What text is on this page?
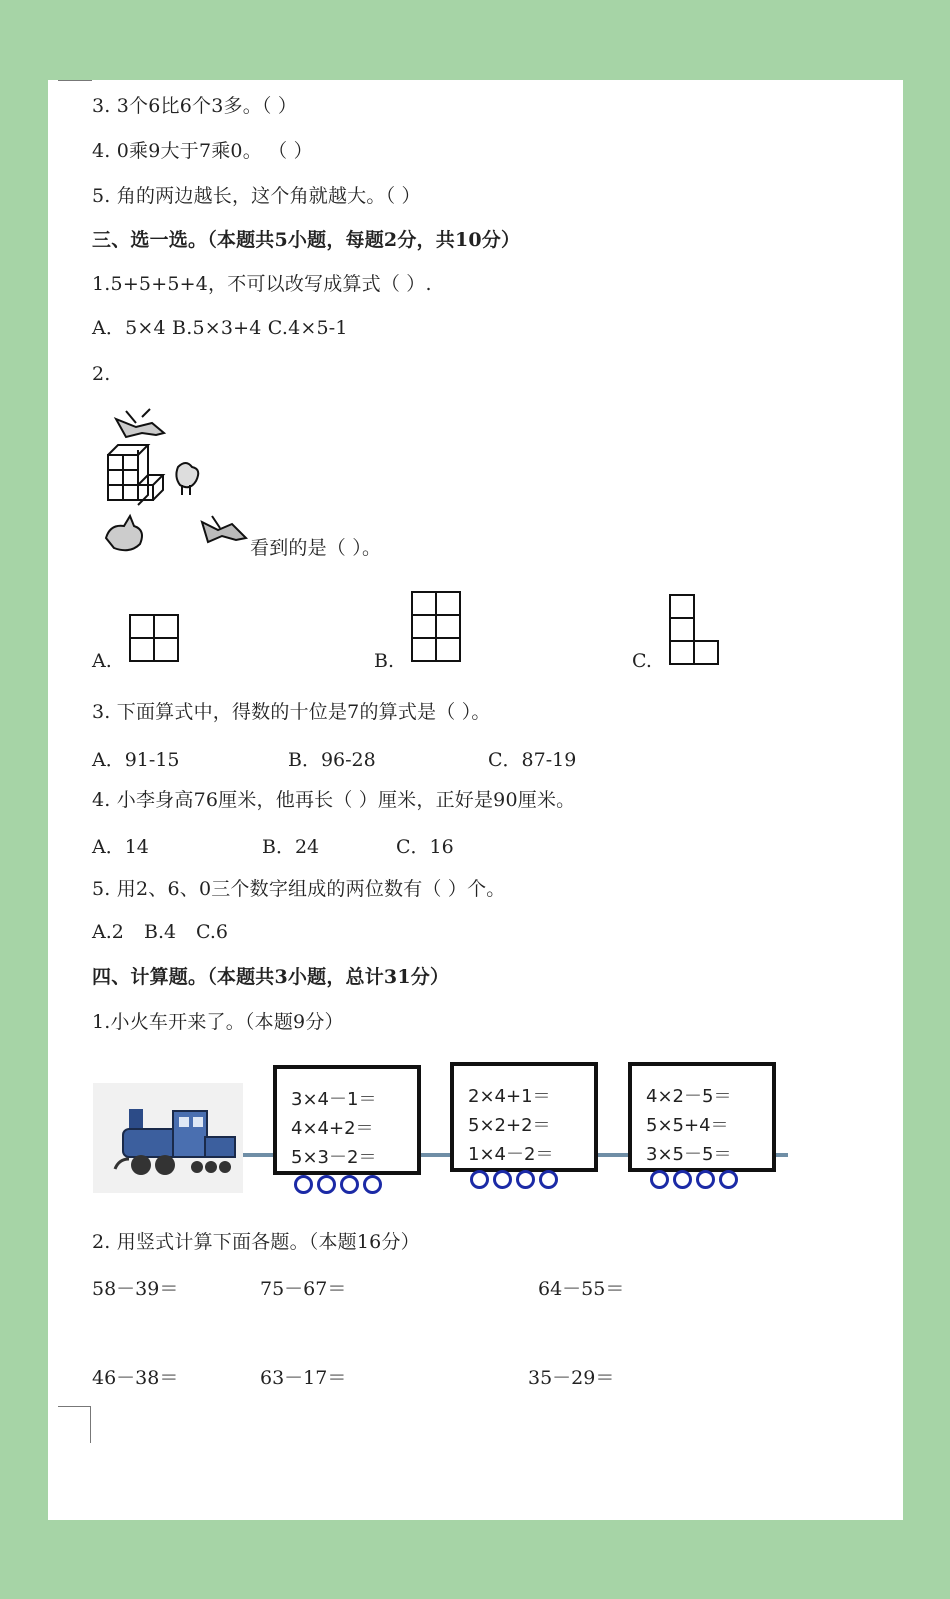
3. 3个6比6个3多。（ ）
4. 0乘9大于7乘0。 （ ）
5. 角的两边越长，这个角就越大。（ ）
三、选一选。（本题共5小题，每题2分，共10分）
1.5+5+5+4，不可以改写成算式（ ）.
A．5×4 B.5×3+4 C.4×5-1
2.
看到的是（ ）。
A.	B.	C.
3. 下面算式中，得数的十位是7的算式是（ ）。
A．91-15	B．96-28	C．87-19
4. 小李身高76厘米，他再长（ ）厘米，正好是90厘米。
A．14	B．24	C．16
5. 用2、6、0三个数字组成的两位数有（ ）个。
A.2 B.4 C.6
四、计算题。（本题共3小题，总计31分）
1.小火车开来了。（本题9分）
3×4－1＝
4×4+2＝
5×3－2＝
2×4+1＝
5×2+2＝
1×4－2＝
4×2－5＝
5×5+4＝
3×5－5＝
2. 用竖式计算下面各题。（本题16分）
58－39＝	75－67＝	64－55＝
46－38＝	63－17＝	35－29＝
